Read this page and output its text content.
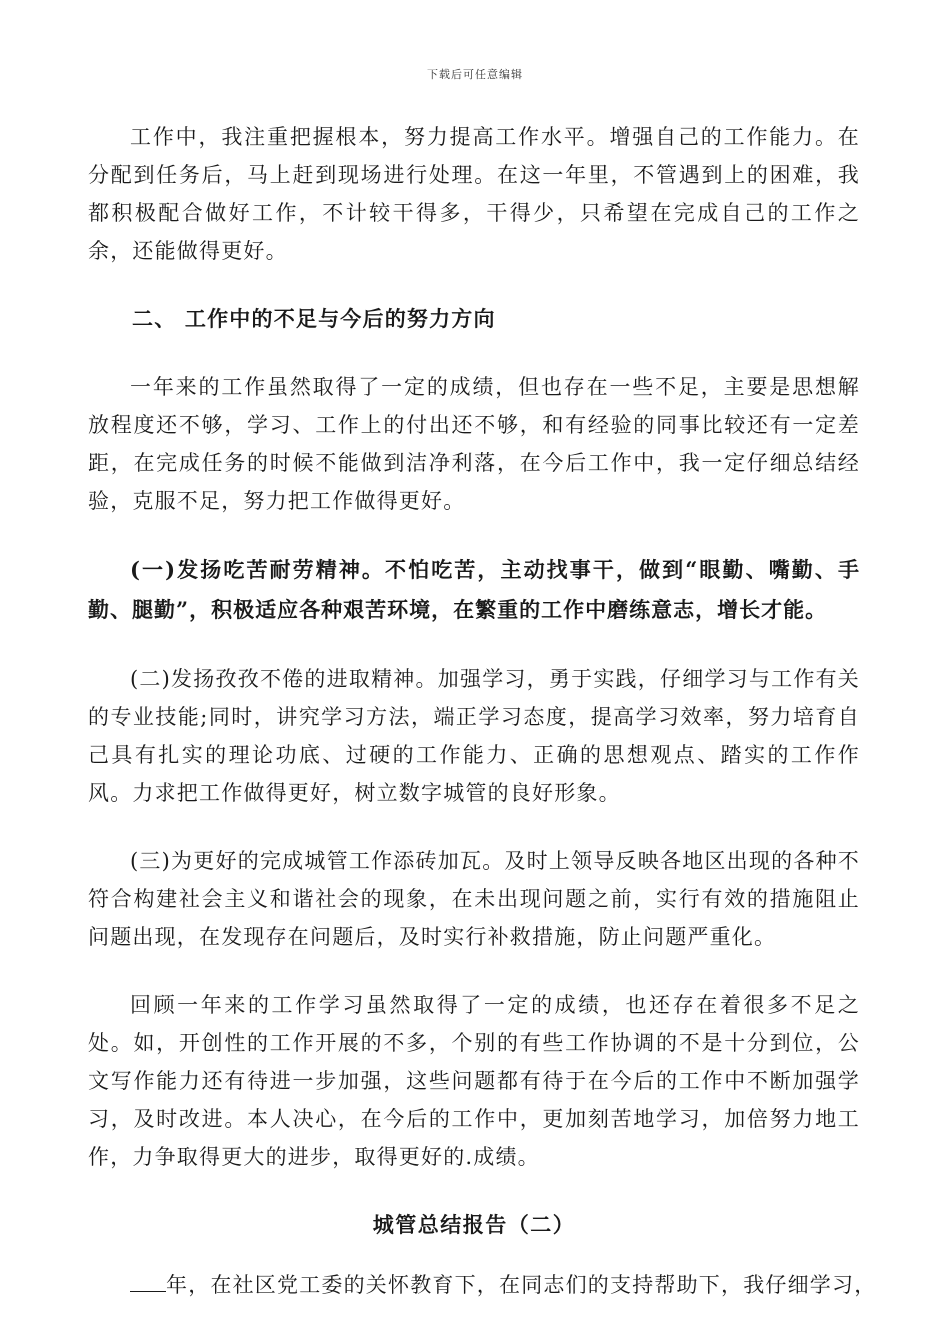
下载后可任意编辑

工作中，我注重把握根本，努力提高工作水平。增强自己的工作能力。在分配到任务后，马上赶到现场进行处理。在这一年里，不管遇到上的困难，我都积极配合做好工作，不计较干得多，干得少，只希望在完成自己的工作之余，还能做得更好。

二、 工作中的不足与今后的努力方向

一年来的工作虽然取得了一定的成绩，但也存在一些不足，主要是思想解放程度还不够，学习、工作上的付出还不够，和有经验的同事比较还有一定差距，在完成任务的时候不能做到洁净利落，在今后工作中，我一定仔细总结经验，克服不足，努力把工作做得更好。

(一)发扬吃苦耐劳精神。不怕吃苦，主动找事干，做到“眼勤、嘴勤、手勤、腿勤”，积极适应各种艰苦环境，在繁重的工作中磨练意志，增长才能。

(二)发扬孜孜不倦的进取精神。加强学习，勇于实践，仔细学习与工作有关的专业技能;同时，讲究学习方法，端正学习态度，提高学习效率，努力培育自己具有扎实的理论功底、过硬的工作能力、正确的思想观点、踏实的工作作风。力求把工作做得更好，树立数字城管的良好形象。

(三)为更好的完成城管工作添砖加瓦。及时上领导反映各地区出现的各种不符合构建社会主义和谐社会的现象，在未出现问题之前，实行有效的措施阻止问题出现，在发现存在问题后，及时实行补救措施，防止问题严重化。

回顾一年来的工作学习虽然取得了一定的成绩，也还存在着很多不足之处。如，开创性的工作开展的不多，个别的有些工作协调的不是十分到位，公文写作能力还有待进一步加强，这些问题都有待于在今后的工作中不断加强学习，及时改进。本人决心，在今后的工作中，更加刻苦地学习，加倍努力地工作，力争取得更大的进步，取得更好的.成绩。

城管总结报告（二）

年，在社区党工委的关怀教育下，在同志们的支持帮助下，我仔细学习，
